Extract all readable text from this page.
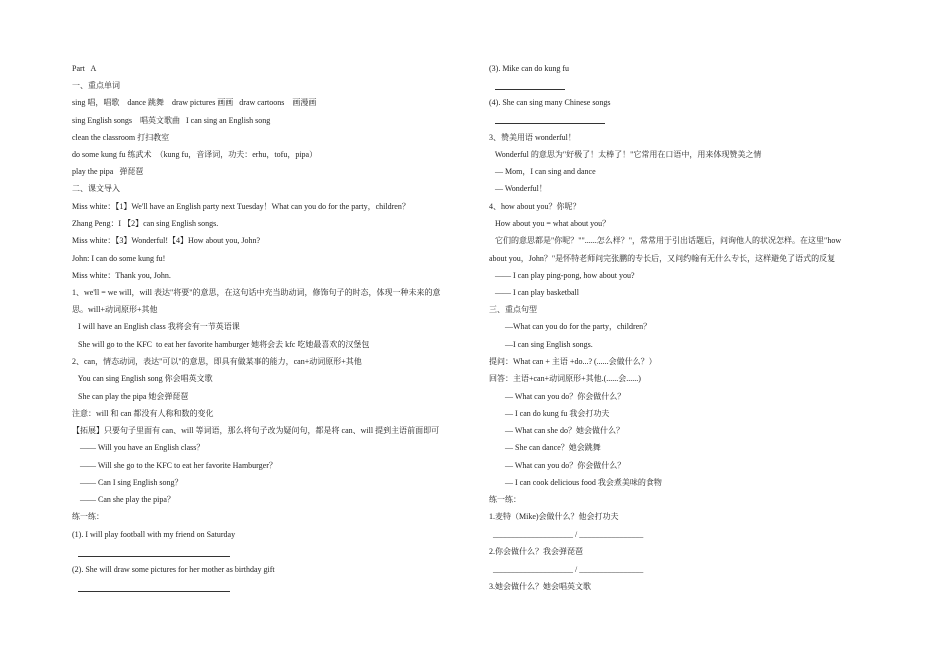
Part   A
一、重点单词
sing 唱，唱歌    dance 跳舞    draw pictures 画画   draw cartoons    画漫画
sing English songs    唱英文歌曲   I can sing an English song
clean the classroom 打扫教室
do some kung fu 练武术  （kung fu，音译词，功夫：erhu，tofu，pipa）
play the pipa   弹琵琶
二、课文导入
Miss white：【1】We'll have an English party next Tuesday！What can you do for the party，children？
Zhang Peng：I 【2】can sing English songs.
Miss white：【3】Wonderful!【4】How about you, John?
John: I can do some kung fu!
Miss white：Thank you, John.
1、we'll = we will，will 表达"将要"的意思，在这句话中充当助动词，修饰句子的时态，体现一种未来的意
思。will+动词原形+其他
I will have an English class 我将会有一节英语课
She will go to the KFC  to eat her favorite hamburger 她将会去 kfc 吃她最喜欢的汉堡包
2、can，情态动词，表达"可以"的意思，即具有做某事的能力，can+动词原形+其他
You can sing English song 你会唱英文歌
She can play the pipa 她会弹琵琶
注意：will 和 can 都没有人称和数的变化
【拓展】只要句子里面有 can、will 等词语，那么将句子改为疑问句，都是将 can、will 提到主语前面即可
—— Will you have an English class？
—— Will she go to the KFC to eat her favorite Hamburger？
—— Can I sing English song？
—— Can she play the pipa？
练一练：
(1). I will play football with my friend on Saturday
(2). She will draw some pictures for her mother as birthday gift
(3). Mike can do kung fu
(4). She can sing many Chinese songs
3、赞美用语 wonderful！
Wonderful 的意思为"好极了！太棒了！"它常用在口语中，用来体现赞美之情
— Mom，I can sing and dance
— Wonderful！
4、how about you？你呢？
How about you = what about you？
它们的意思都是"你呢？""......怎么样？"，常常用于引出话题后，问询他人的状况怎样。在这里"how
about you，John？"是怀特老师问完张鹏的专长后，又问约翰有无什么专长，这样避免了语式的反复
—— I can play ping-pong, how about you?
—— I can play basketball
三、重点句型
—What can you do for the party，children？
—I can sing English songs.
提问：What can + 主语 +do...? (......会做什么？）
回答：主语+can+动词原形+其他.(......会......)
— What can you do？你会做什么？
— I can do kung fu 我会打功夫
— What can she do？她会做什么？
— She can dance？她会跳舞
— What can you do？你会做什么？
— I can cook delicious food 我会煮美味的食物
练一练：
1.麦特（Mike)会做什么？他会打功夫
____________________ / ________________
2.你会做什么？我会弹琵琶
____________________ / ________________
3.她会做什么？她会唱英文歌
